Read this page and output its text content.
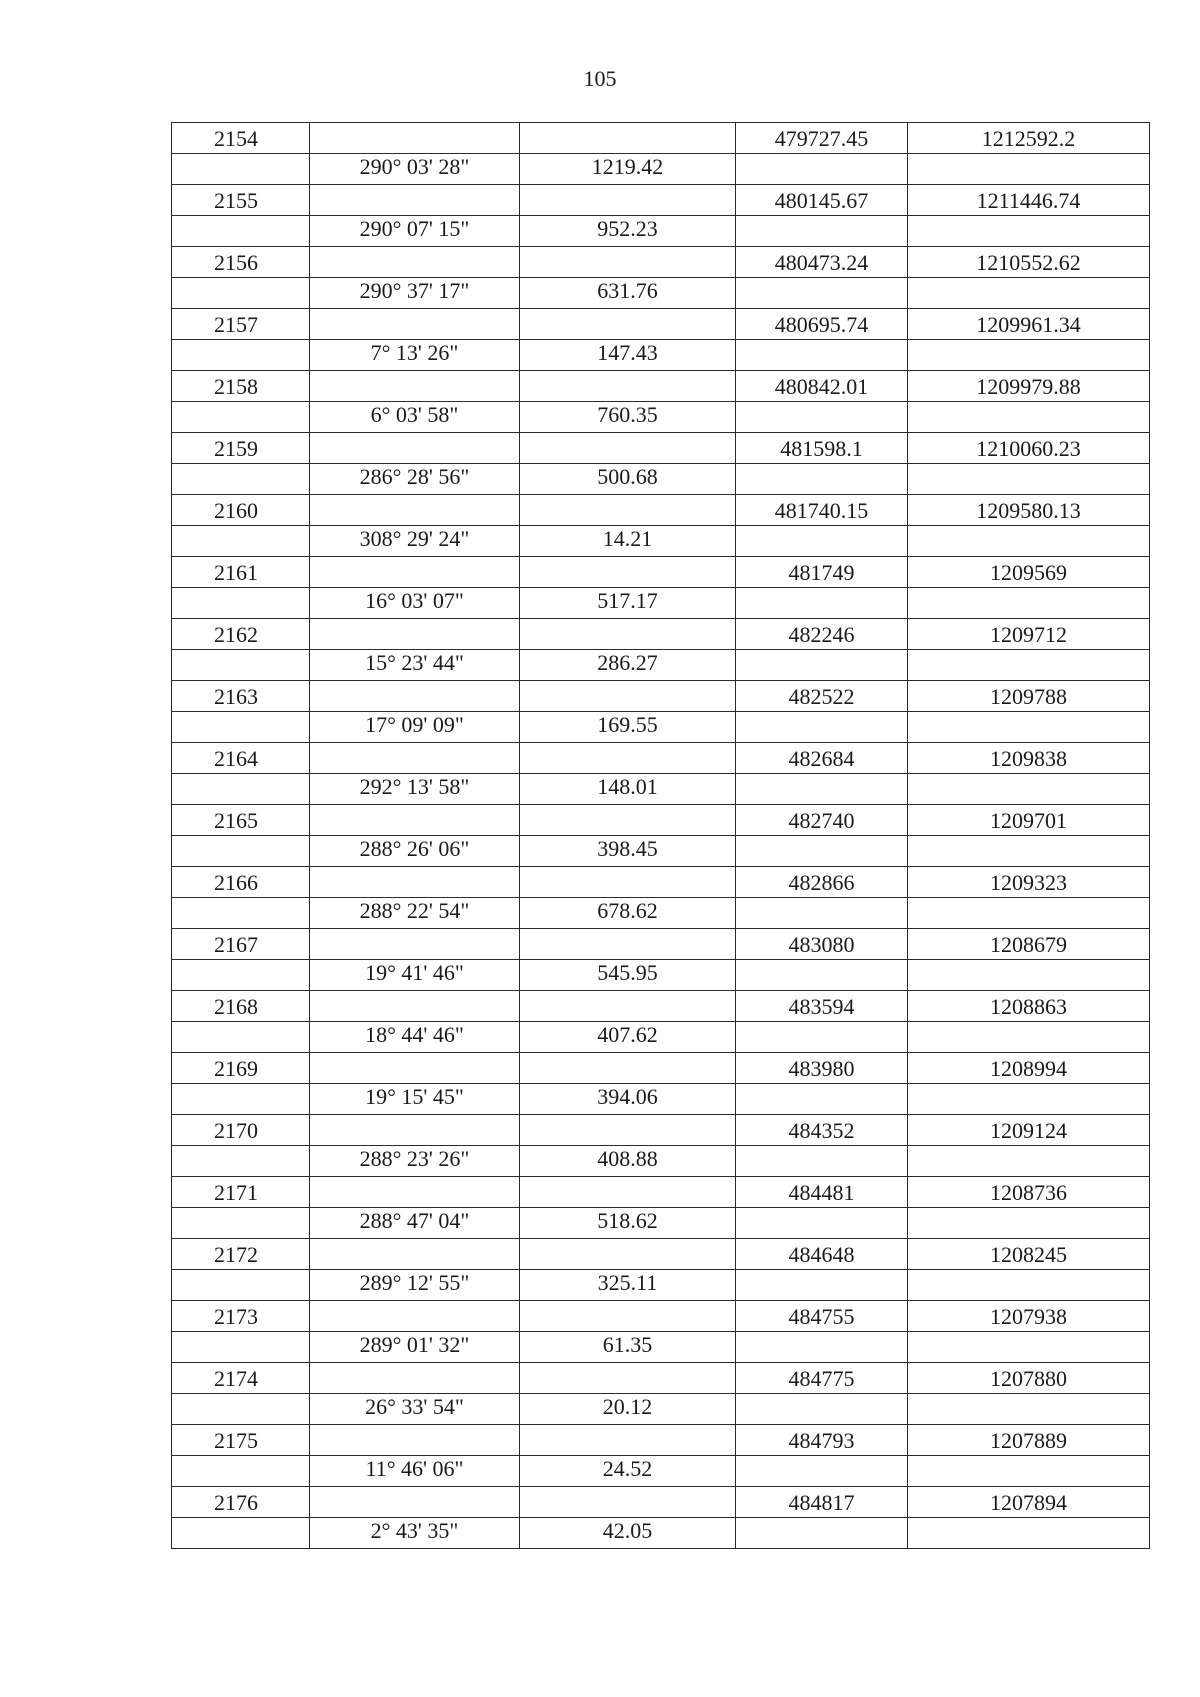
105
2154			479727.45	1212592.2
	290° 03' 28"	1219.42		
2155			480145.67	1211446.74
	290° 07' 15"	952.23		
2156			480473.24	1210552.62
	290° 37' 17"	631.76		
2157			480695.74	1209961.34
	7° 13' 26"	147.43		
2158			480842.01	1209979.88
	6° 03' 58"	760.35		
2159			481598.1	1210060.23
	286° 28' 56"	500.68		
2160			481740.15	1209580.13
	308° 29' 24"	14.21		
2161			481749	1209569
	16° 03' 07"	517.17		
2162			482246	1209712
	15° 23' 44"	286.27		
2163			482522	1209788
	17° 09' 09"	169.55		
2164			482684	1209838
	292° 13' 58"	148.01		
2165			482740	1209701
	288° 26' 06"	398.45		
2166			482866	1209323
	288° 22' 54"	678.62		
2167			483080	1208679
	19° 41' 46"	545.95		
2168			483594	1208863
	18° 44' 46"	407.62		
2169			483980	1208994
	19° 15' 45"	394.06		
2170			484352	1209124
	288° 23' 26"	408.88		
2171			484481	1208736
	288° 47' 04"	518.62		
2172			484648	1208245
	289° 12' 55"	325.11		
2173			484755	1207938
	289° 01' 32"	61.35		
2174			484775	1207880
	26° 33' 54"	20.12		
2175			484793	1207889
	11° 46' 06"	24.52		
2176			484817	1207894
	2° 43' 35"	42.05		
